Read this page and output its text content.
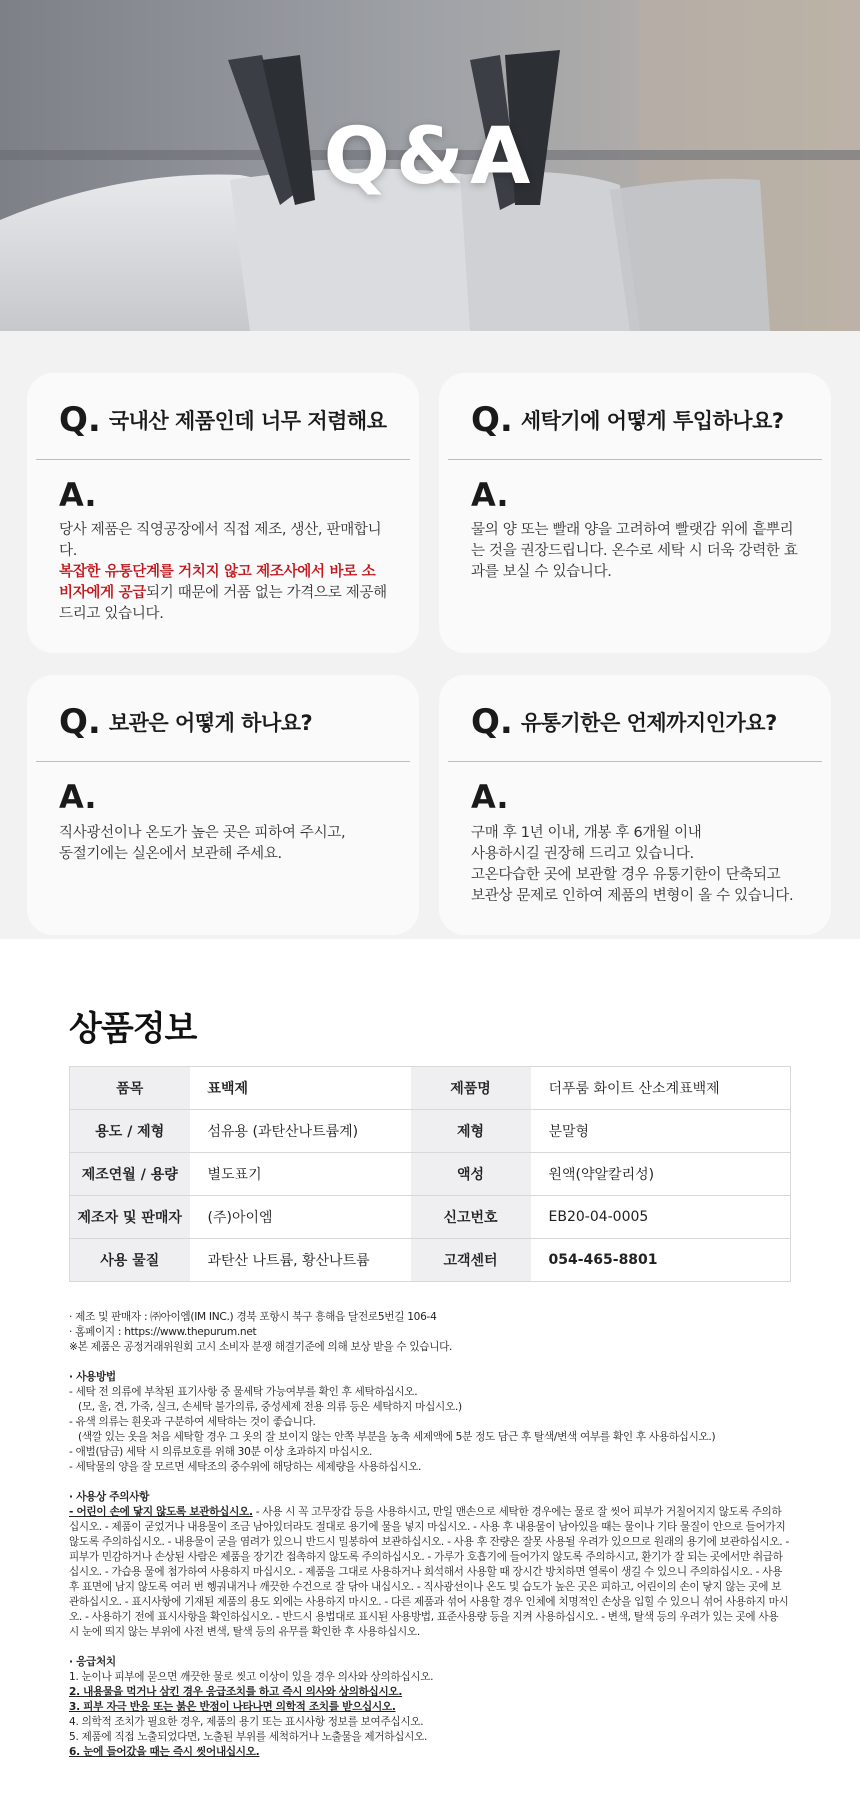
Q&A
Q. 국내산 제품인데 너무 저렴해요
A.

당사 제품은 직영공장에서 직접 제조, 생산, 판매합니다.
복잡한 유통단계를 거치지 않고 제조사에서 바로 소비자에게 공급되기 때문에 거품 없는 가격으로 제공해 드리고 있습니다.

Q. 세탁기에 어떻게 투입하나요?
A.

물의 양 또는 빨래 양을 고려하여 빨랫감 위에 흩뿌리는 것을 권장드립니다. 온수로 세탁 시 더욱 강력한 효과를 보실 수 있습니다.

Q. 보관은 어떻게 하나요?
A.

직사광선이나 온도가 높은 곳은 피하여 주시고,
동절기에는 실온에서 보관해 주세요.

Q. 유통기한은 언제까지인가요?
A.

구매 후 1년 이내, 개봉 후 6개월 이내
사용하시길 권장해 드리고 있습니다.
고온다습한 곳에 보관할 경우 유통기한이 단축되고
보관상 문제로 인하여 제품의 변형이 올 수 있습니다.

상품정보
품목	표백제	제품명	더푸룸 화이트 산소계표백제
용도 / 제형	섬유용 (과탄산나트륨계)	제형	분말형
제조연월 / 용량	별도표기	액성	원액(약알칼리성)
제조자 및 판매자	(주)아이엠	신고번호	EB20-04-0005
사용 물질	과탄산 나트륨, 황산나트륨	고객센터	054-465-8801
· 제조 및 판매자 : ㈜아이엠(IM INC.) 경북 포항시 북구 흥해읍 달전로5번길 106-4
· 홈페이지 : https://www.thepurum.net
※본 제품은 공정거래위원회 고시 소비자 분쟁 해결기준에 의해 보상 받을 수 있습니다.
· 사용방법
- 세탁 전 의류에 부착된 표기사항 중 물세탁 가능여부를 확인 후 세탁하십시오.
(모, 울, 견, 가죽, 실크, 손세탁 불가의류, 중성세제 전용 의류 등은 세탁하지 마십시오.)
- 유색 의류는 흰옷과 구분하여 세탁하는 것이 좋습니다.
(색깔 있는 옷을 처음 세탁할 경우 그 옷의 잘 보이지 않는 안쪽 부분을 농축 세제액에 5분 정도 담근 후 탈색/변색 여부를 확인 후 사용하십시오.)
- 애벌(담금) 세탁 시 의류보호를 위해 30분 이상 초과하지 마십시오.
- 세탁물의 양을 잘 모르면 세탁조의 중수위에 해당하는 세제량을 사용하십시오.
· 사용상 주의사항
- 어린이 손에 닿지 않도록 보관하십시오. - 사용 시 꼭 고무장갑 등을 사용하시고, 만일 맨손으로 세탁한 경우에는 물로 잘 씻어 피부가 거칠어지지 않도록 주의하십시오. - 제품이 굳었거나 내용물이 조금 남아있더라도 절대로 용기에 물을 넣지 마십시오. - 사용 후 내용물이 남아있을 때는 물이나 기타 물질이 안으로 들어가지 않도록 주의하십시오. - 내용물이 굳을 염려가 있으니 반드시 밀봉하여 보관하십시오. - 사용 후 잔량은 잘못 사용될 우려가 있으므로 원래의 용기에 보관하십시오. - 피부가 민감하거나 손상된 사람은 제품을 장기간 접촉하지 않도록 주의하십시오. - 가루가 호흡기에 들어가지 않도록 주의하시고, 환기가 잘 되는 곳에서만 취급하십시오. - 가습용 물에 첨가하여 사용하지 마십시오. - 제품을 그대로 사용하거나 희석해서 사용할 때 장시간 방치하면 열록이 생길 수 있으니 주의하십시오. - 사용 후 표면에 남지 않도록 여러 번 헹궈내거나 깨끗한 수건으로 잘 닦아 내십시오. - 직사광선이나 온도 및 습도가 높은 곳은 피하고, 어린이의 손이 닿지 않는 곳에 보관하십시오. - 표시사항에 기재된 제품의 용도 외에는 사용하지 마시오. - 다른 제품과 섞어 사용할 경우 인체에 치명적인 손상을 입힐 수 있으니 섞어 사용하지 마시오. - 사용하기 전에 표시사항을 확인하십시오. - 반드시 용법대로 표시된 사용방법, 표준사용량 등을 지켜 사용하십시오. - 변색, 탈색 등의 우려가 있는 곳에 사용 시 눈에 띄지 않는 부위에 사전 변색, 탈색 등의 유무를 확인한 후 사용하십시오.
· 응급처치
1. 눈이나 피부에 묻으면 깨끗한 물로 씻고 이상이 있을 경우 의사와 상의하십시오.
2. 내용물을 먹거나 삼킨 경우 응급조치를 하고 즉시 의사와 상의하십시오.
3. 피부 자극 반응 또는 붉은 반점이 나타나면 의학적 조치를 받으십시오.
4. 의학적 조치가 필요한 경우, 제품의 용기 또는 표시사항 정보를 보여주십시오.
5. 제품에 직접 노출되었다면, 노출된 부위를 세척하거나 노출물을 제거하십시오.
6. 눈에 들어갔을 때는 즉시 씻어내십시오.
